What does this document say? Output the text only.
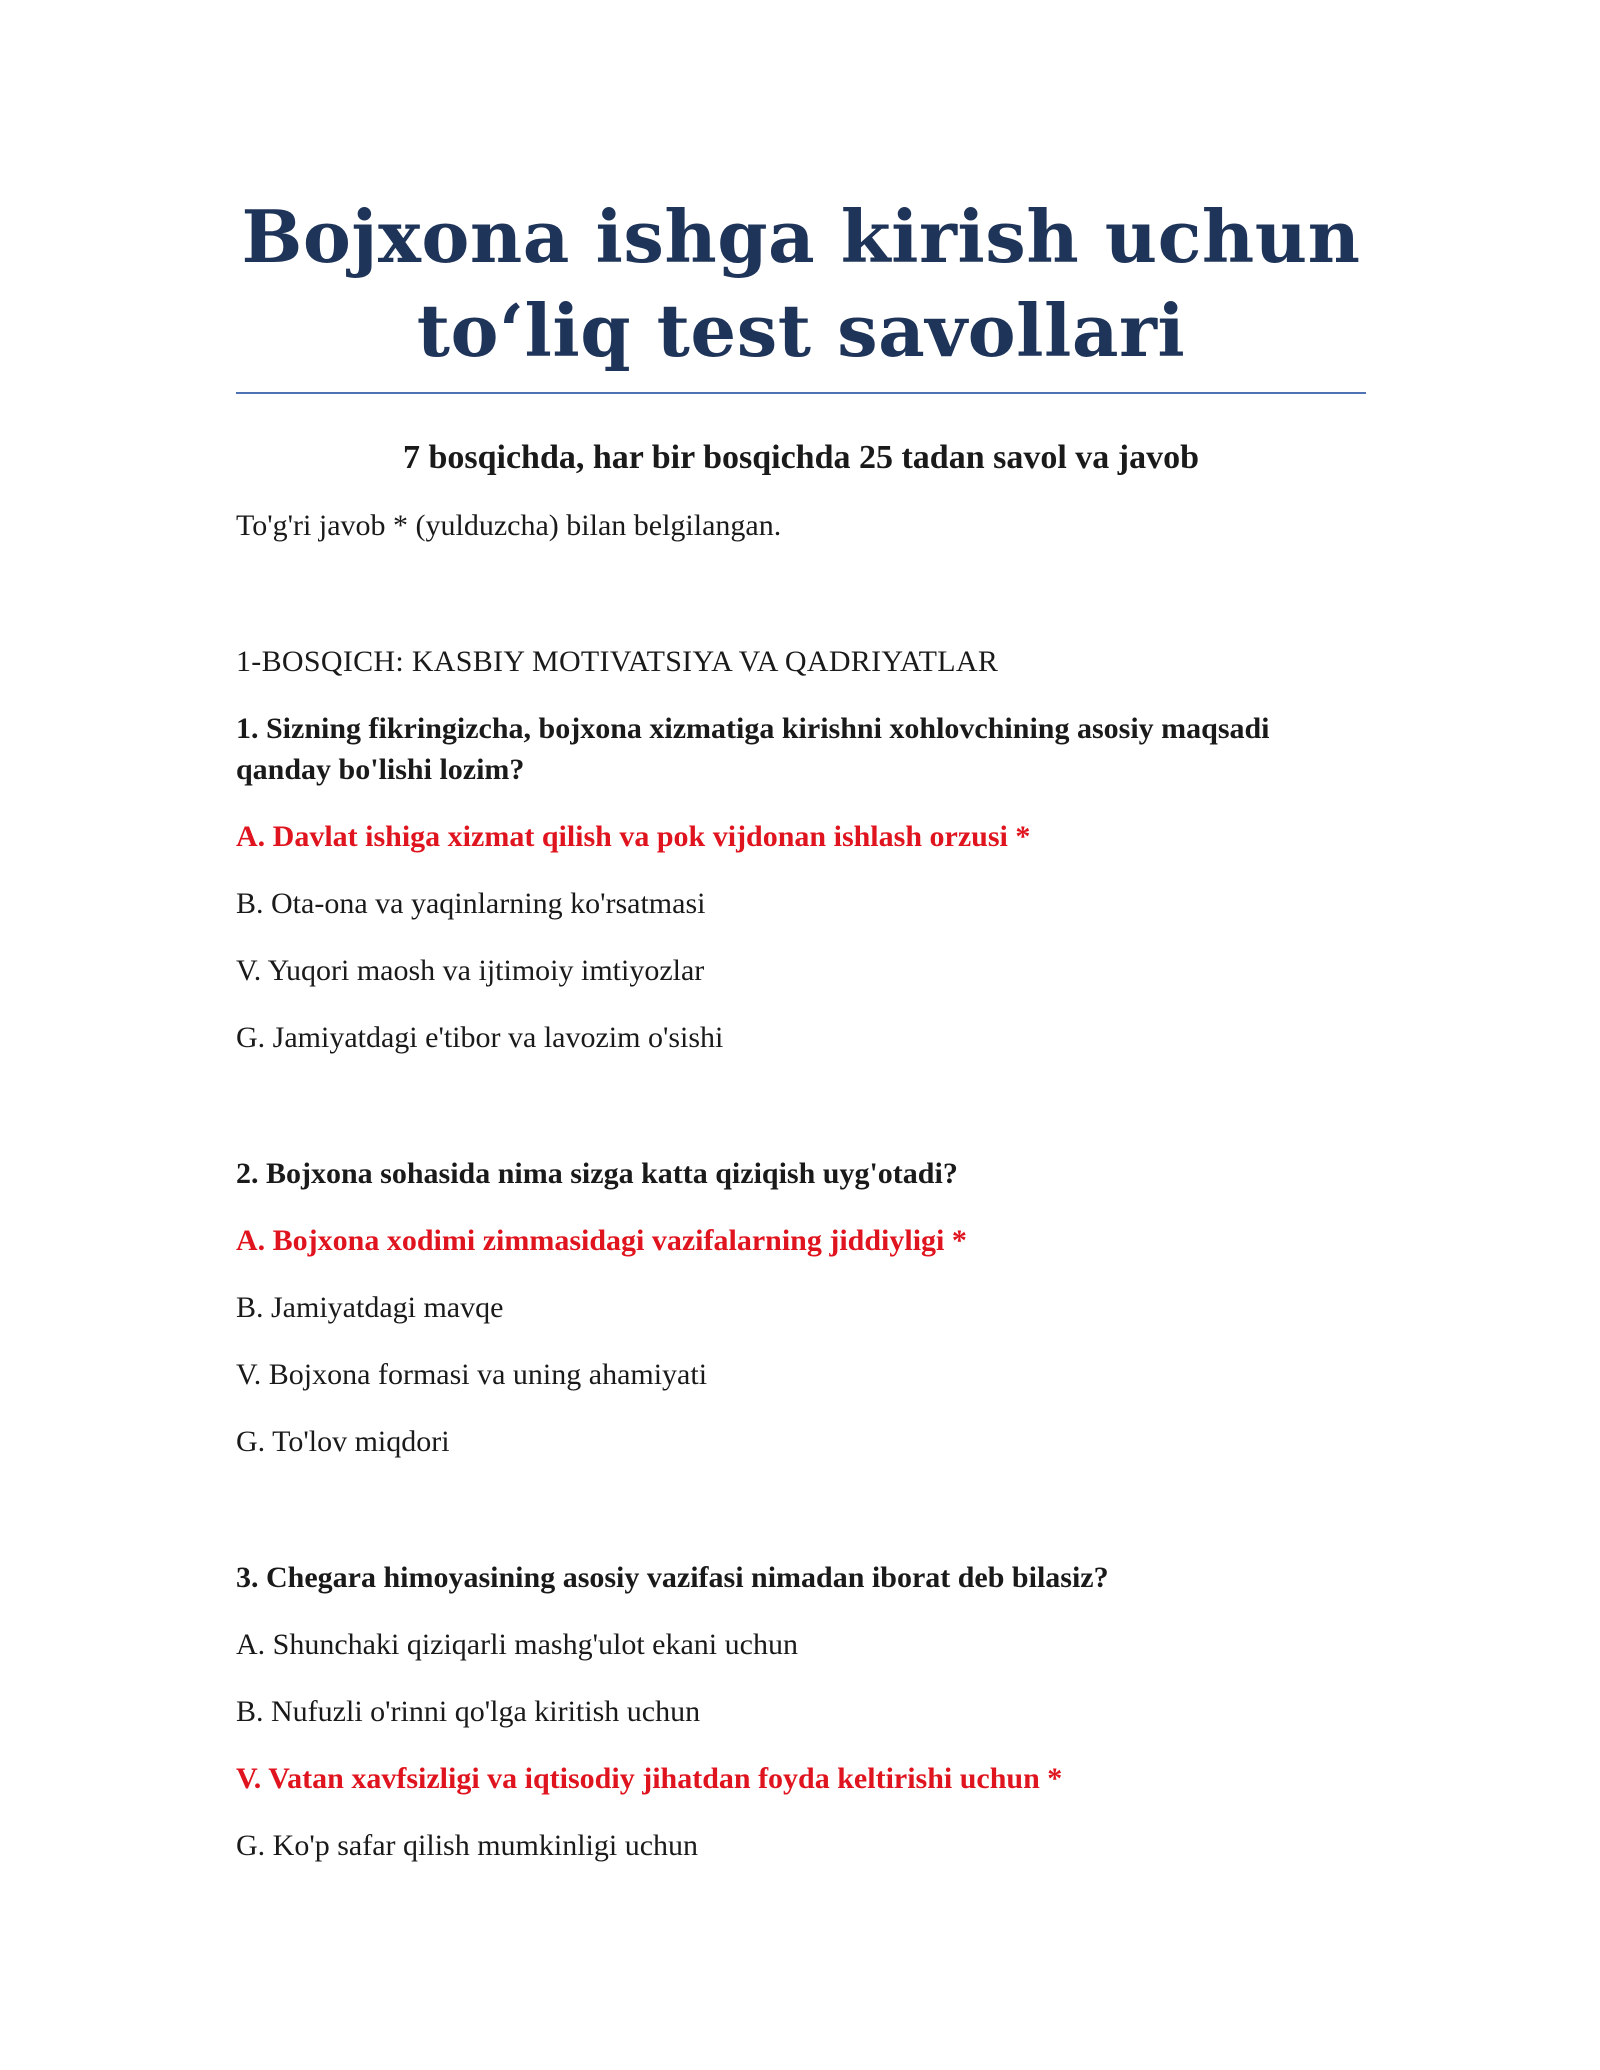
Bojxona ishga kirish uchun
to‘liq test savollari

7 bosqichda, har bir bosqichda 25 tadan savol va javob

To'g'ri javob * (yulduzcha) bilan belgilangan.

1-BOSQICH: KASBIY MOTIVATSIYA VA QADRIYATLAR

1. Sizning fikringizcha, bojxona xizmatiga kirishni xohlovchining asosiy maqsadi qanday bo'lishi lozim?

A. Davlat ishiga xizmat qilish va pok vijdonan ishlash orzusi *

B. Ota-ona va yaqinlarning ko'rsatmasi

V. Yuqori maosh va ijtimoiy imtiyozlar

G. Jamiyatdagi e'tibor va lavozim o'sishi

2. Bojxona sohasida nima sizga katta qiziqish uyg'otadi?

A. Bojxona xodimi zimmasidagi vazifalarning jiddiyligi *

B. Jamiyatdagi mavqe

V. Bojxona formasi va uning ahamiyati

G. To'lov miqdori

3. Chegara himoyasining asosiy vazifasi nimadan iborat deb bilasiz?

A. Shunchaki qiziqarli mashg'ulot ekani uchun

B. Nufuzli o'rinni qo'lga kiritish uchun

V. Vatan xavfsizligi va iqtisodiy jihatdan foyda keltirishi uchun *

G. Ko'p safar qilish mumkinligi uchun
